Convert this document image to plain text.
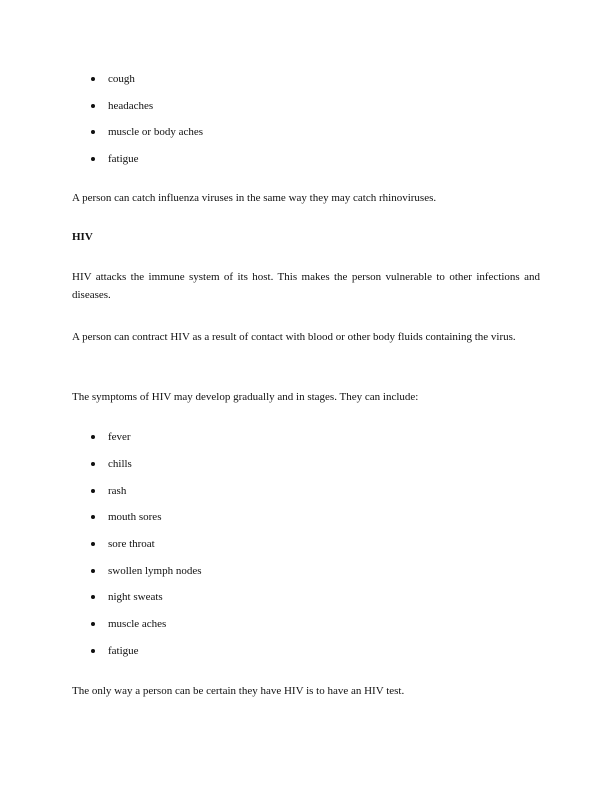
cough
headaches
muscle or body aches
fatigue

A person can catch influenza viruses in the same way they may catch rhinoviruses.

HIV

HIV attacks the immune system of its host. This makes the person vulnerable to other infections and diseases.

A person can contract HIV as a result of contact with blood or other body fluids containing the virus.

The symptoms of HIV may develop gradually and in stages. They can include:

fever
chills
rash
mouth sores
sore throat
swollen lymph nodes
night sweats
muscle aches
fatigue

The only way a person can be certain they have HIV is to have an HIV test.
